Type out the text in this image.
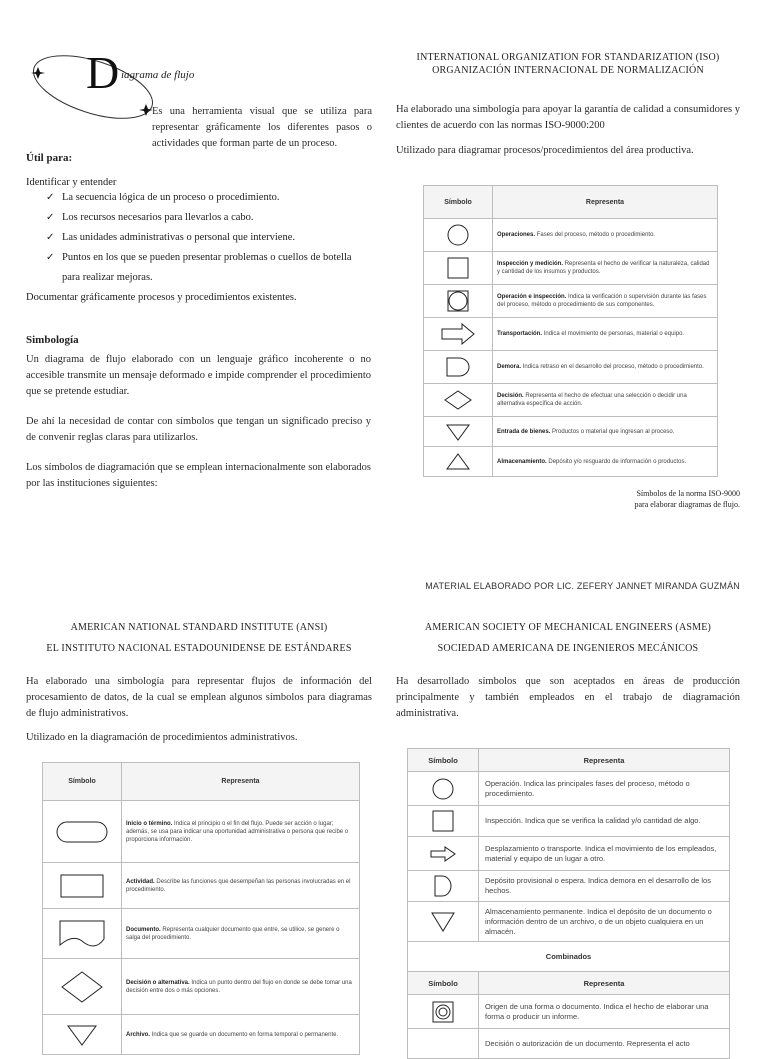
D iagrama de flujo
Es una herramienta visual que se utiliza para representar gráficamente los diferentes pasos o actividades que forman parte de un proceso.
Útil para:
Identificar y entender
✓ La secuencia lógica de un proceso o procedimiento.
✓ Los recursos necesarios para llevarlos a cabo.
✓ Las unidades administrativas o personal que interviene.
✓ Puntos en los que se pueden presentar problemas o cuellos de botella para realizar mejoras.
Documentar gráficamente procesos y procedimientos existentes.
Simbología
Un diagrama de flujo elaborado con un lenguaje gráfico incoherente o no accesible transmite un mensaje deformado e impide comprender el procedimiento que se pretende estudiar.
De ahí la necesidad de contar con símbolos que tengan un significado preciso y de convenir reglas claras para utilizarlos.
Los símbolos de diagramación que se emplean internacionalmente son elaborados por las instituciones siguientes:
INTERNATIONAL ORGANIZATION FOR STANDARIZATION (ISO)
ORGANIZACIÓN INTERNACIONAL DE NORMALIZACIÓN
Ha elaborado una simbología para apoyar la garantía de calidad a consumidores y clientes de acuerdo con las normas ISO-9000:200
Utilizado para diagramar procesos/procedimientos del área productiva.
Símbolo	Representa

	Operaciones. Fases del proceso, método o procedimiento.

	Inspección y medición. Representa el hecho de verificar la naturaleza, calidad y cantidad de los insumos y productos.

	Operación e inspección. Indica la verificación o supervisión durante las fases del proceso, método o procedimiento de sus componentes.

	Transportación. Indica el movimiento de personas, material o equipo.

	Demora. Indica retraso en el desarrollo del proceso, método o procedimiento.

	Decisión. Representa el hecho de efectuar una selección o decidir una alternativa específica de acción.

	Entrada de bienes. Productos o material que ingresan al proceso.

	Almacenamiento. Depósito y/o resguardo de información o productos.
Símbolos de la norma ISO-9000
para elaborar diagramas de flujo.
MATERIAL ELABORADO POR LIC. ZEFERY JANNET MIRANDA GUZMÁN
AMERICAN NATIONAL STANDARD INSTITUTE (ANSI)
EL INSTITUTO NACIONAL ESTADOUNIDENSE DE ESTÁNDARES
Ha elaborado una simbología para representar flujos de información del procesamiento de datos, de la cual se emplean algunos símbolos para diagramas de flujo administrativos.
Utilizado en la diagramación de procedimientos administrativos.
Símbolo	Representa

	Inicio o término. Indica el principio o el fin del flujo. Puede ser acción o lugar; además, se usa para indicar una oportunidad administrativa o persona que recibe o proporciona información.

	Actividad. Describe las funciones que desempeñan las personas involucradas en el procedimiento.

	Documento. Representa cualquier documento que entre, se utilice, se genere o salga del procedimiento.

	Decisión o alternativa. Indica un punto dentro del flujo en donde se debe tomar una decisión entre dos o más opciones.

	Archivo. Indica que se guarde un documento en forma temporal o permanente.
AMERICAN SOCIETY OF MECHANICAL ENGINEERS (ASME)
SOCIEDAD AMERICANA DE INGENIEROS MECÁNICOS
Ha desarrollado símbolos que son aceptados en áreas de producción principalmente y también empleados en el trabajo de diagramación administrativa.
Símbolo	Representa

	Operación. Indica las principales fases del proceso, método o procedimiento.

	Inspección. Indica que se verifica la calidad y/o cantidad de algo.

	Desplazamiento o transporte. Indica el movimiento de los empleados, material y equipo de un lugar a otro.

	Depósito provisional o espera. Indica demora en el desarrollo de los hechos.

	Almacenamiento permanente. Indica el depósito de un documento o información dentro de un archivo, o de un objeto cualquiera en un almacén.
Combinados	
Símbolo	Representa

	Origen de una forma o documento. Indica el hecho de elaborar una forma o producir un informe.
	Decisión o autorización de un documento. Representa el acto
